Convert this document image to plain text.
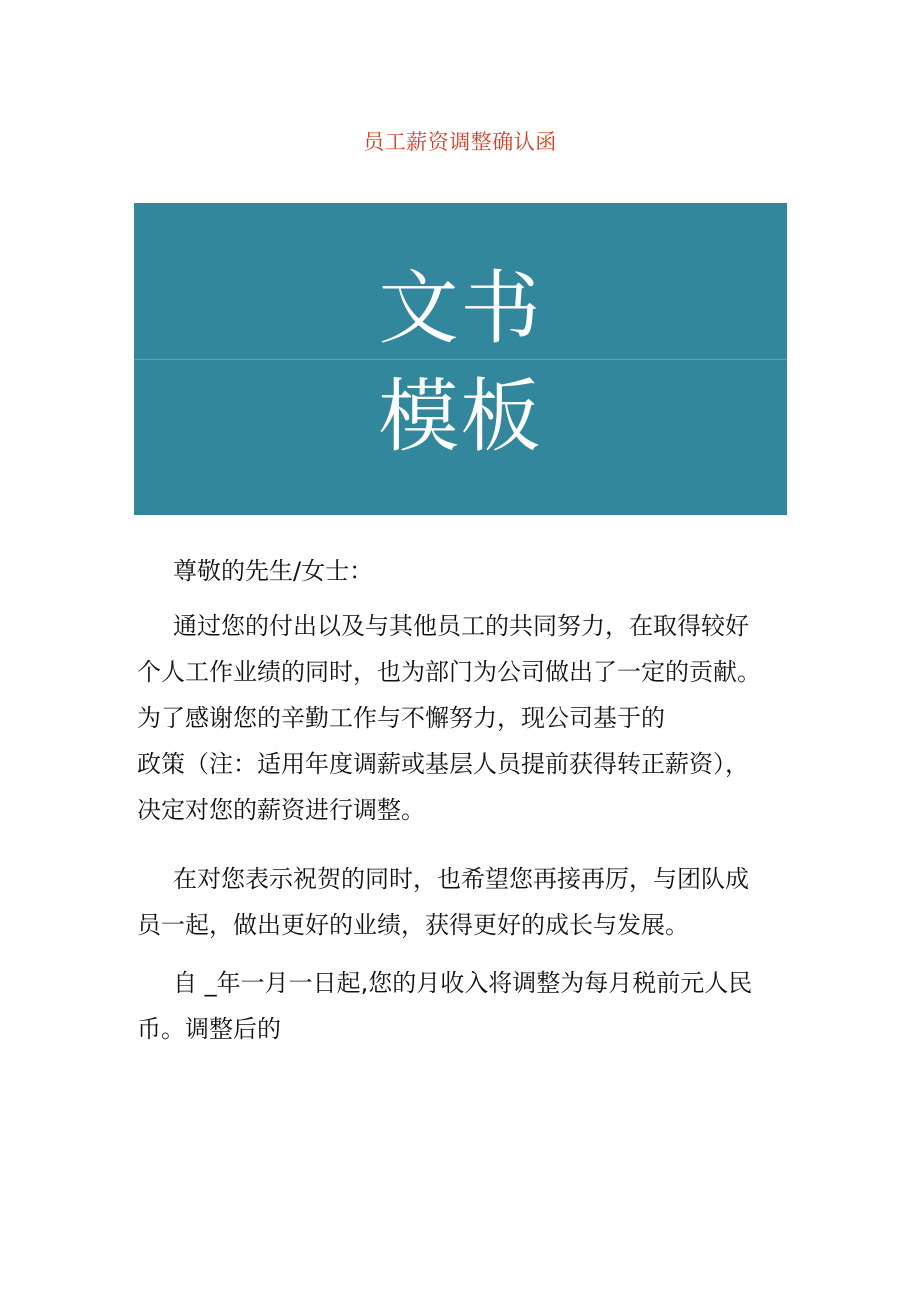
员工薪资调整确认函
文书
模板
尊敬的先生/女士：
通过您的付出以及与其他员工的共同努力，在取得较好
个人工作业绩的同时，也为部门为公司做出了一定的贡献。
为了感谢您的辛勤工作与不懈努力，现公司基于的
政策（注：适用年度调薪或基层人员提前获得转正薪资），
决定对您的薪资进行调整。
在对您表示祝贺的同时，也希望您再接再厉，与团队成
员一起，做出更好的业绩，获得更好的成长与发展。
自 _年一月一日起,您的月收入将调整为每月税前元人民
币。调整后的
